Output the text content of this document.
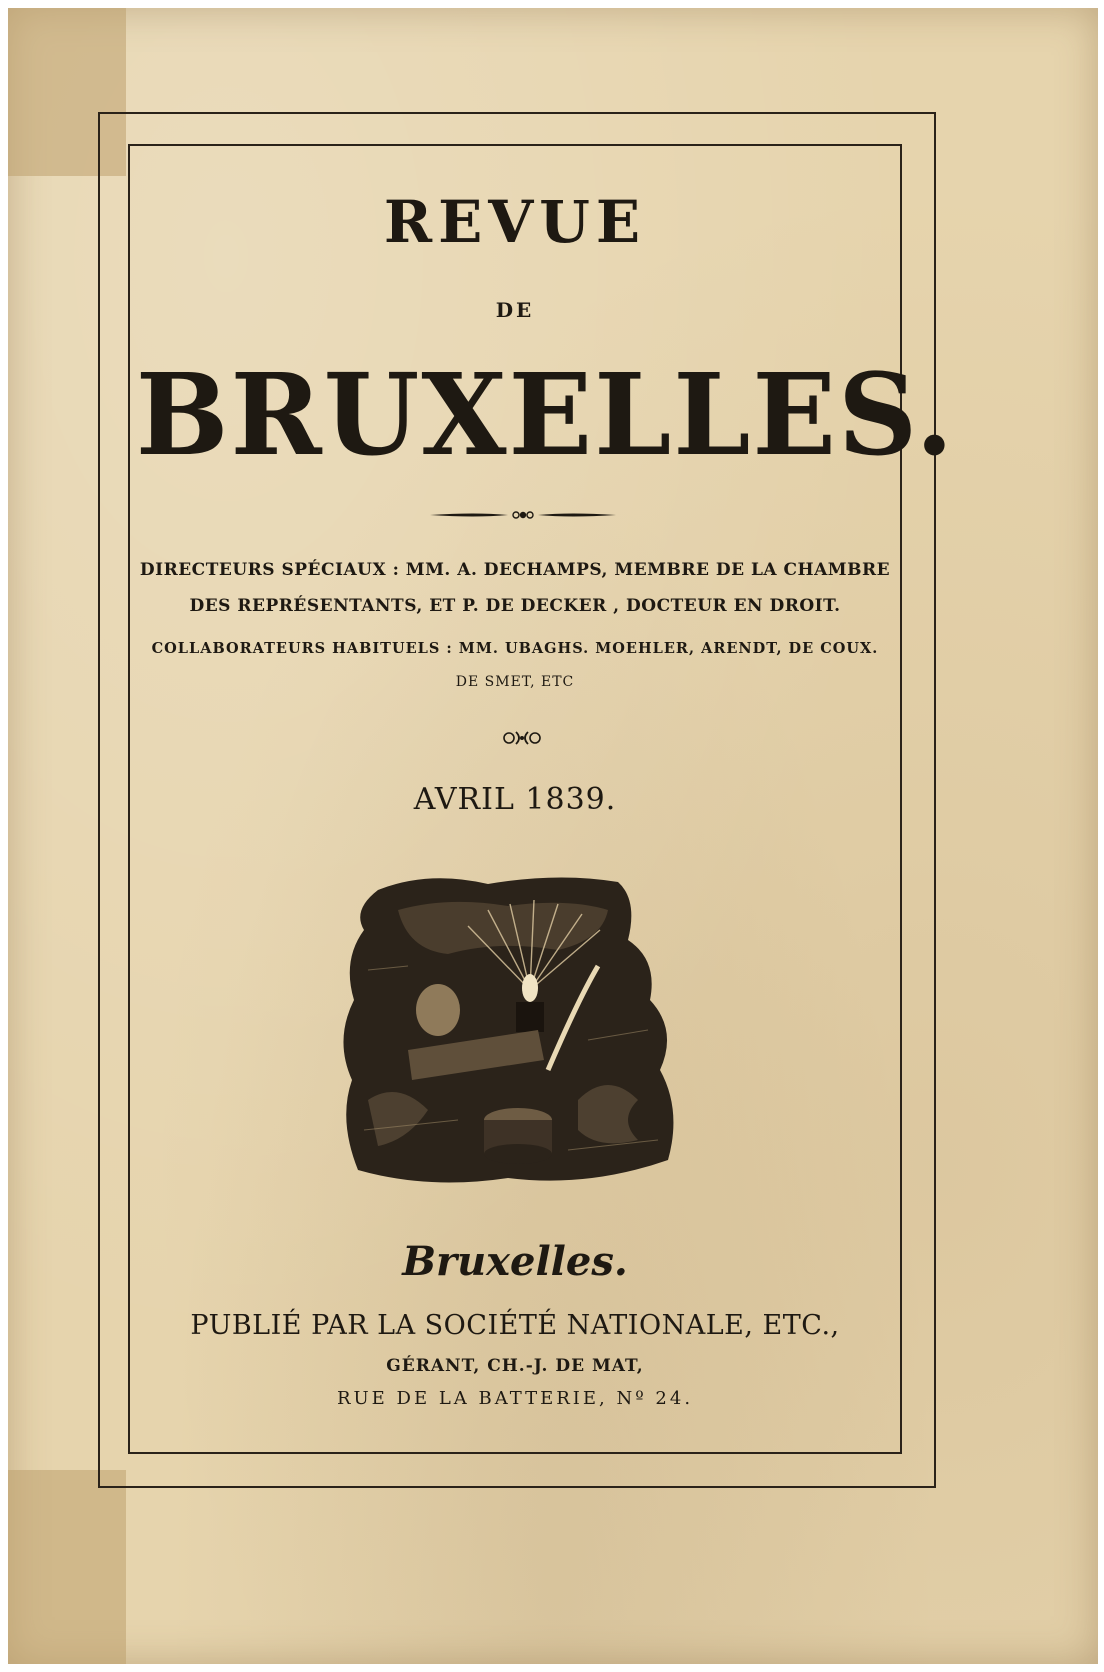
REVUE
DE
BRUXELLES.
DIRECTEURS SPÉCIAUX : MM. A. DECHAMPS, MEMBRE DE LA CHAMBRE
DES REPRÉSENTANTS, ET P. DE DECKER , DOCTEUR EN DROIT.
COLLABORATEURS HABITUELS : MM. UBAGHS. MOEHLER, ARENDT, DE COUX.
DE SMET, ETC
AVRIL 1839.
Bruxelles.
PUBLIÉ PAR LA SOCIÉTÉ NATIONALE, ETC.,
GÉRANT, CH.-J. DE MAT,
RUE DE LA BATTERIE, Nº 24.
